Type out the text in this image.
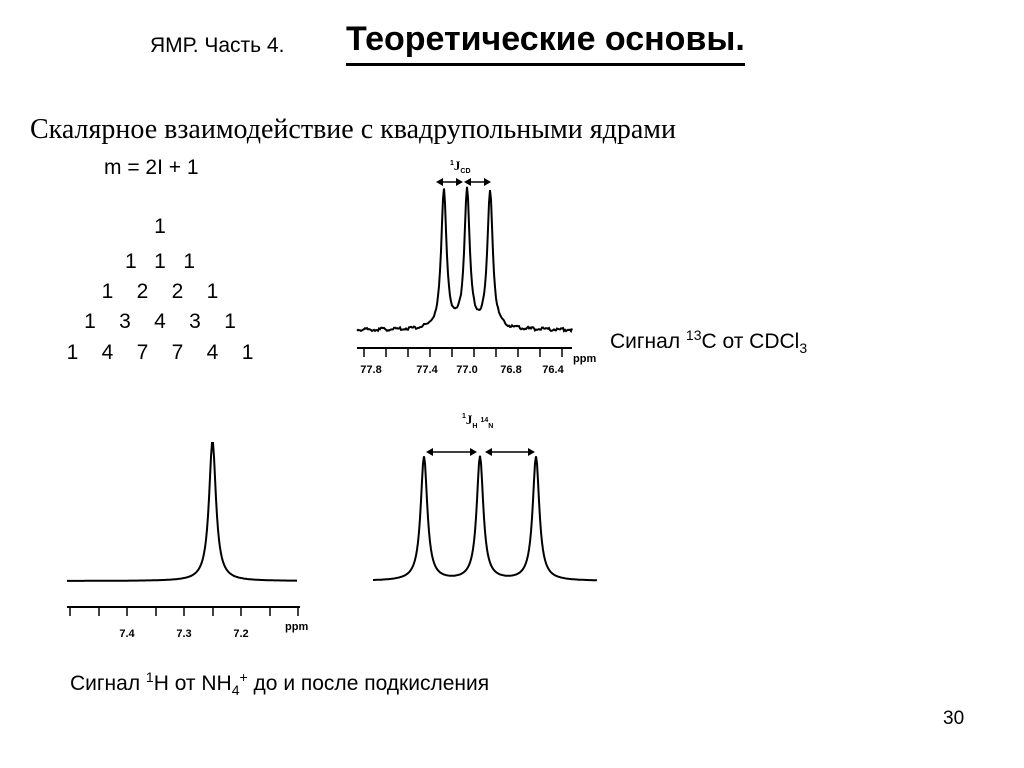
ЯМР. Часть 4. Теоретические основы.
Скалярное взаимодействие с квадрупольными ядрами
m = 2I + 1
1
1   1   1
1    2    2    1
1    3    4    3    1
1    4    7    7    4    1
77.8	77.4 77.0 76.8 76.4
ppm
$^1_J$CD
7.4	7.3	7.2
ppm
$^1_{JH}^{14}_N$
Сигнал $^{13}$C от CDCl$_3$
Сигнал $^1$H от $NH_4^+$ до и после подкисления
30
